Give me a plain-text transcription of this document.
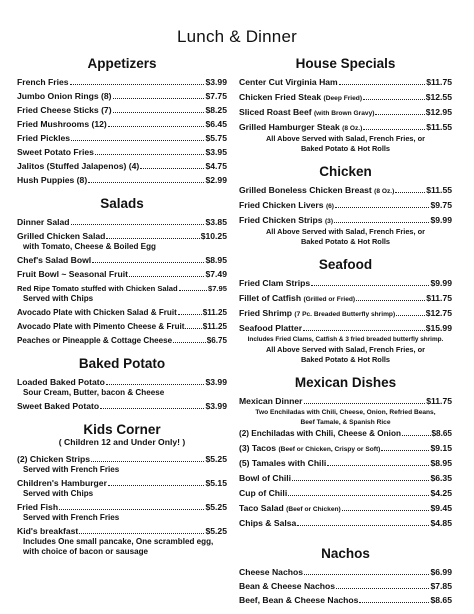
Lunch & Dinner
Appetizers
French Fries	$3.99
Jumbo Onion Rings (8)	$7.75
Fried Cheese Sticks (7)	$8.25
Fried Mushrooms (12)	$6.45
Fried Pickles	$5.75
Sweet Potato Fries	$3.95
Jalitos (Stuffed Jalapenos) (4)	$4.75
Hush Puppies (8)	$2.99
Salads
Dinner Salad	$3.85
Grilled Chicken Salad	$10.25
with Tomato, Cheese & Boiled Egg
Chef's Salad Bowl	$8.95
Fruit Bowl ~ Seasonal Fruit	$7.49
Red Ripe Tomato stuffed with Chicken Salad	$7.95
Served with Chips
Avocado Plate with Chicken Salad & Fruit	$11.25
Avocado Plate with Pimento Cheese & Fruit $11.25
Peaches or Pineapple & Cottage Cheese	$6.75
Baked Potato
Loaded Baked Potato	$3.99
Sour Cream, Butter, bacon & Cheese
Sweet Baked Potato	$3.99
Kids Corner
( Children 12 and Under Only! )
(2) Chicken Strips	$5.25
Served with French Fries
Children's Hamburger	$5.15
Served with Chips
Fried Fish	$5.25
Served with French Fries
Kid's breakfast	$5.25
Includes One small pancake, One scrambled egg,
with choice of bacon or sausage
House Specials
Center Cut Virginia Ham	$11.75
Chicken Fried Steak (Deep Fried)	$12.55
Sliced Roast Beef (with Brown Gravy)	$12.95
Grilled Hamburger Steak (8 Oz.)	$11.55
All Above Served with Salad, French Fries, or
Baked Potato & Hot Rolls
Chicken
Grilled Boneless Chicken Breast (8 Oz.)	$11.55
Fried Chicken Livers (6)	$9.75
Fried Chicken Strips (3)	$9.99
All Above Served with Salad, French Fries, or
Baked Potato & Hot Rolls
Seafood
Fried Clam Strips	$9.99
Fillet of Catfish (Grilled or Fried)	$11.75
Fried Shrimp (7 Pc. Breaded Butterfly shrimp)	$12.75
Seafood Platter	$15.99
Includes Fried Clams, Catfish & 3 fried breaded butterfly shrimp.
All Above Served with Salad, French Fries, or
Baked Potato & Hot Rolls
Mexican Dishes
Mexican Dinner	$11.75
Two Enchiladas with Chili, Cheese, Onion, Refried Beans,
Beef Tamale, & Spanish Rice
(2) Enchiladas with Chili, Cheese & Onion	$8.65
(3) Tacos (Beef or Chicken, Crispy or Soft)	$9.15
(5) Tamales with Chili	$8.95
Bowl of Chili	$6.35
Cup of Chili	$4.25
Taco Salad (Beef or Chicken)	$9.45
Chips & Salsa	$4.85
Nachos
Cheese Nachos	$6.99
Bean & Cheese Nachos	$7.85
Beef, Bean & Cheese Nachos	$8.65
